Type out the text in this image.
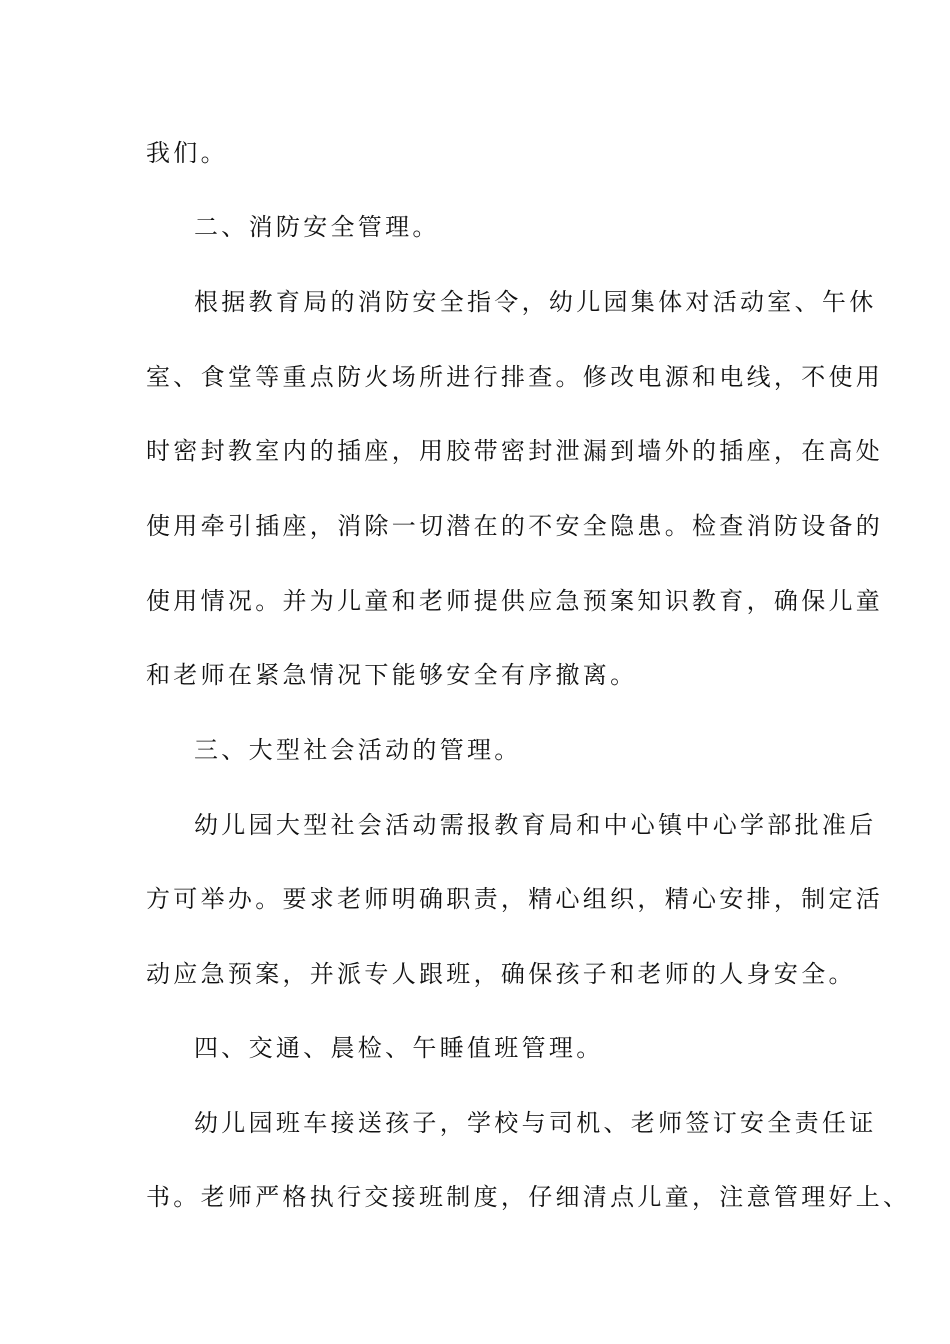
我们。
二、消防安全管理。
根据教育局的消防安全指令，幼儿园集体对活动室、午休
室、食堂等重点防火场所进行排查。修改电源和电线，不使用
时密封教室内的插座，用胶带密封泄漏到墙外的插座，在高处
使用牵引插座，消除一切潜在的不安全隐患。检查消防设备的
使用情况。并为儿童和老师提供应急预案知识教育，确保儿童
和老师在紧急情况下能够安全有序撤离。
三、大型社会活动的管理。
幼儿园大型社会活动需报教育局和中心镇中心学部批准后
方可举办。要求老师明确职责，精心组织，精心安排，制定活
动应急预案，并派专人跟班，确保孩子和老师的人身安全。
四、交通、晨检、午睡值班管理。
幼儿园班车接送孩子，学校与司机、老师签订安全责任证
书。老师严格执行交接班制度，仔细清点儿童，注意管理好上、
